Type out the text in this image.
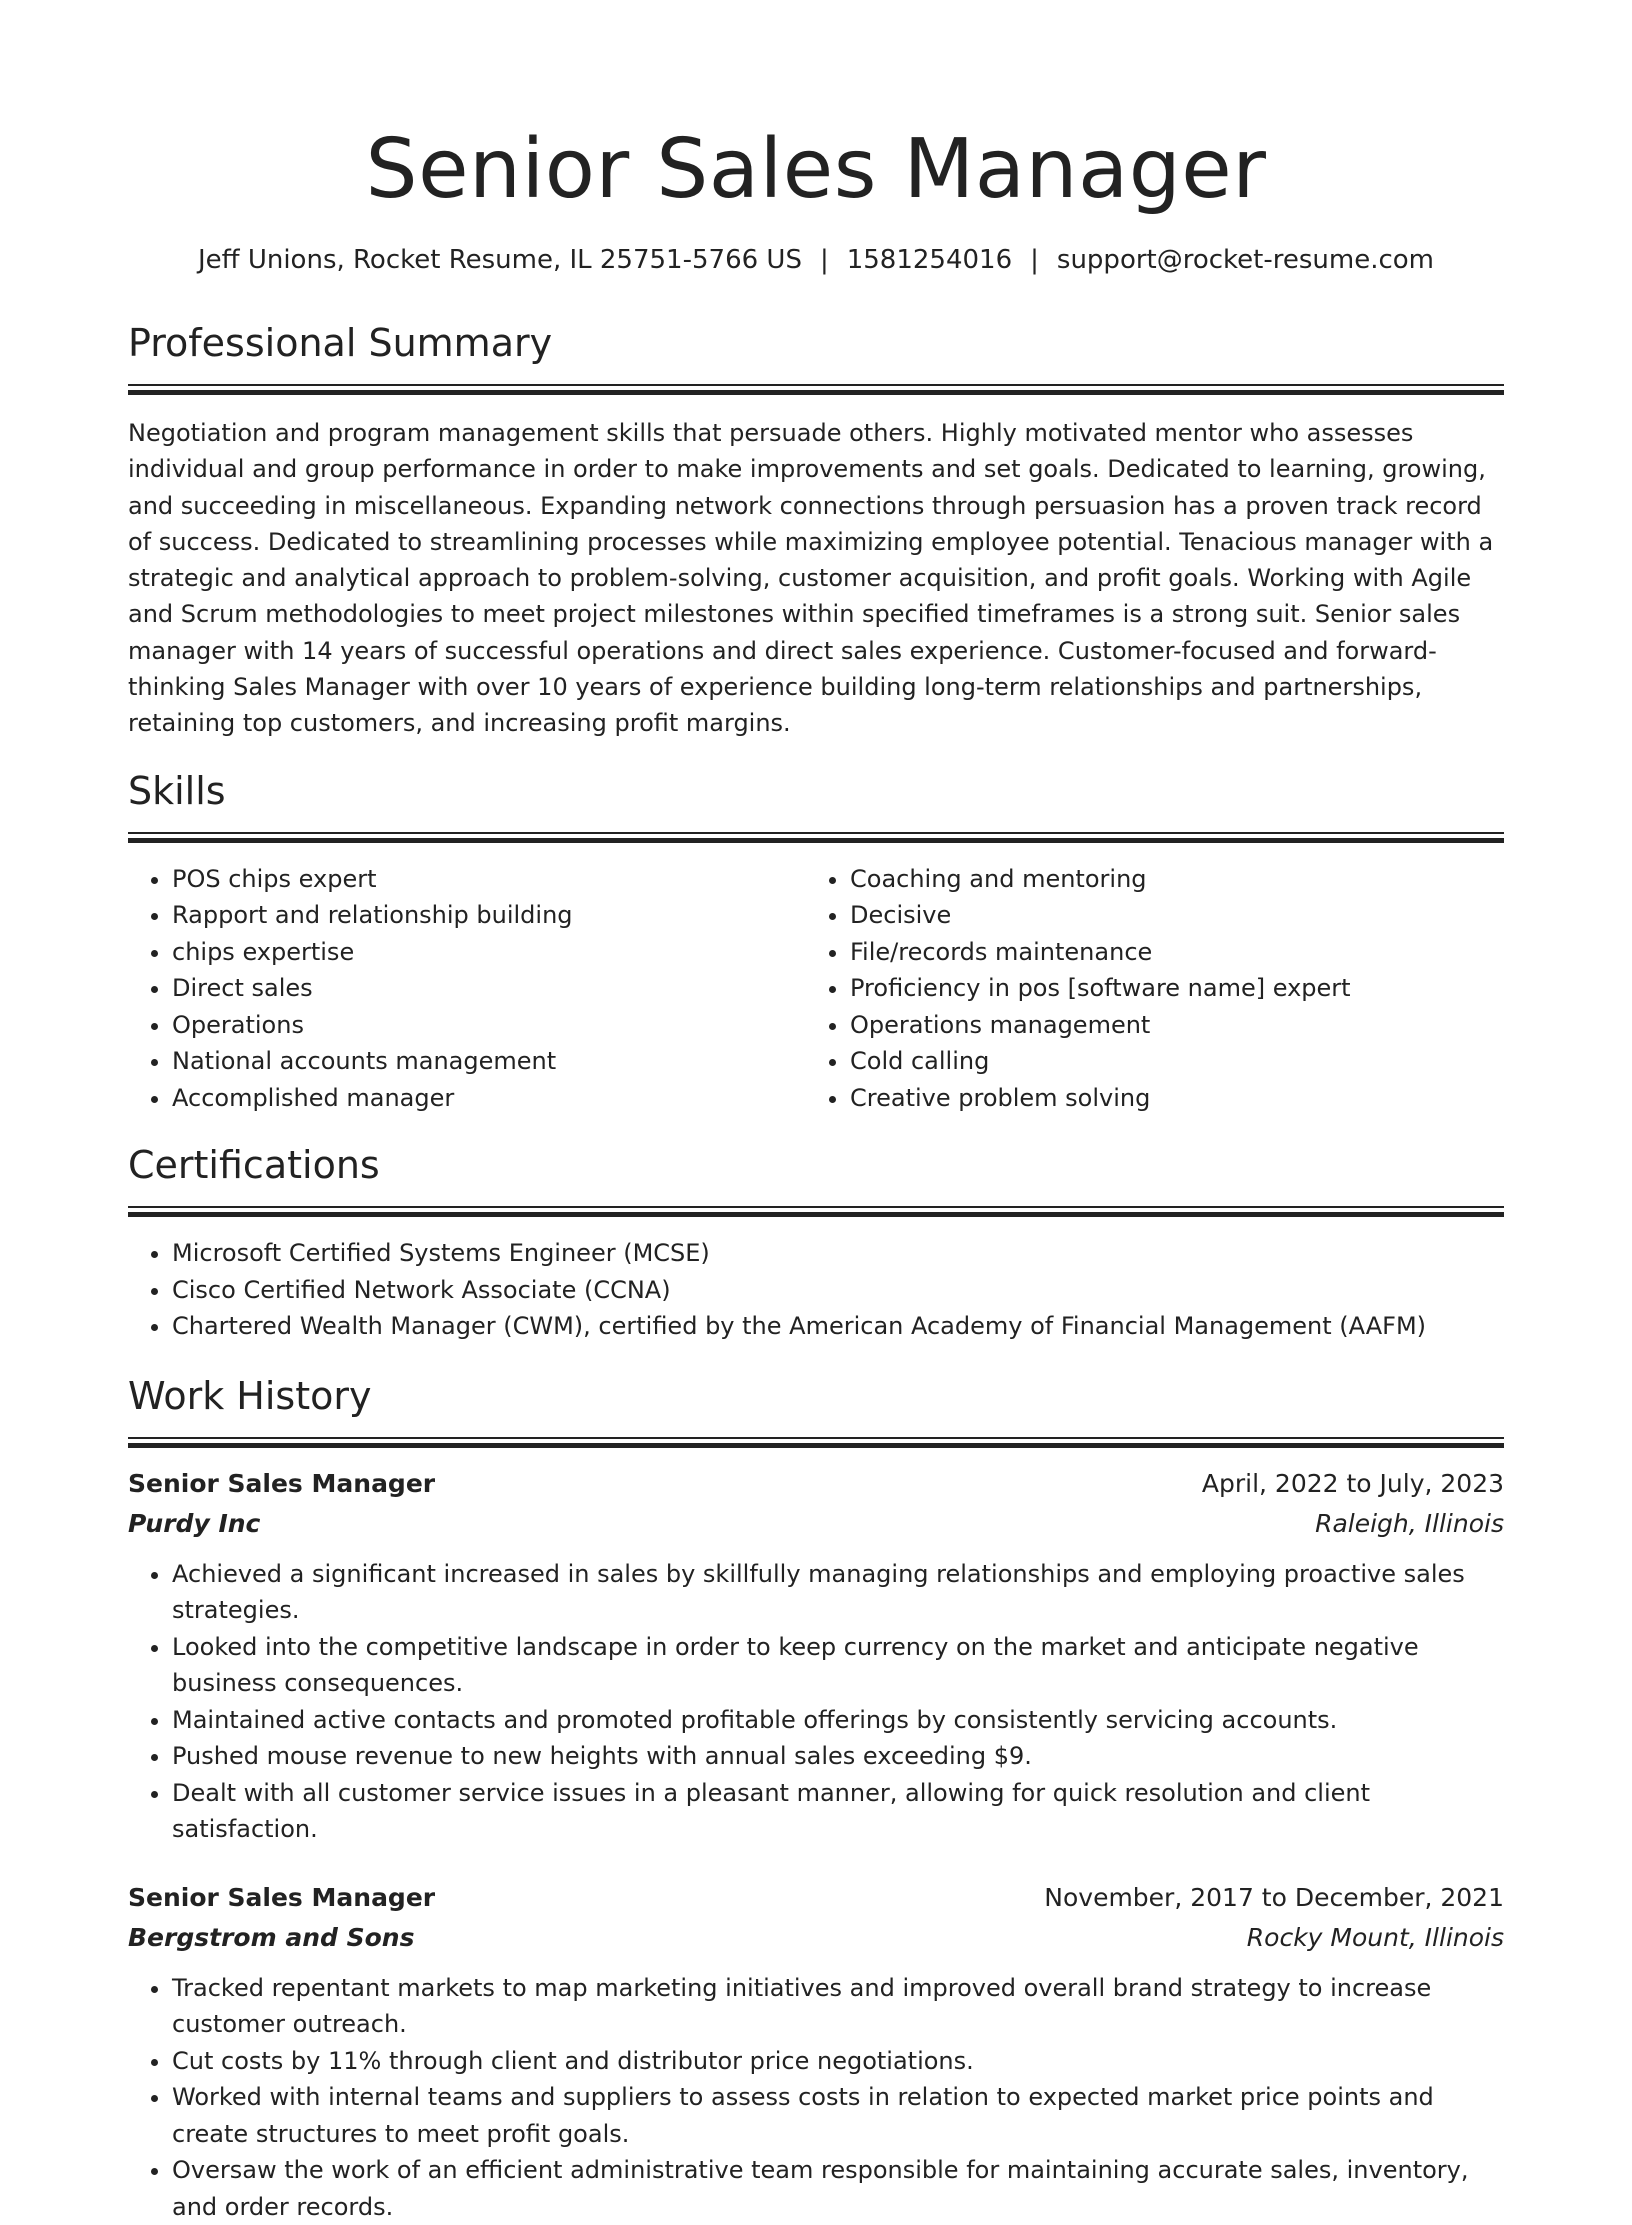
Senior Sales Manager
Jeff Unions, Rocket Resume, IL 25751-5766 US | 1581254016 | support@rocket-resume.com
Professional Summary
Negotiation and program management skills that persuade others. Highly motivated mentor who assesses individual and group performance in order to make improvements and set goals. Dedicated to learning, growing, and succeeding in miscellaneous. Expanding network connections through persuasion has a proven track record of success. Dedicated to streamlining processes while maximizing employee potential. Tenacious manager with a strategic and analytical approach to problem-solving, customer acquisition, and profit goals. Working with Agile and Scrum methodologies to meet project milestones within specified timeframes is a strong suit. Senior sales manager with 14 years of successful operations and direct sales experience. Customer-focused and forward-thinking Sales Manager with over 10 years of experience building long-term relationships and partnerships, retaining top customers, and increasing profit margins.
Skills
• POS chips expert
• Rapport and relationship building
• chips expertise
• Direct sales
• Operations
• National accounts management
• Accomplished manager
• Coaching and mentoring
• Decisive
• File/records maintenance
• Proficiency in pos [software name] expert
• Operations management
• Cold calling
• Creative problem solving
Certifications
• Microsoft Certified Systems Engineer (MCSE)
• Cisco Certified Network Associate (CCNA)
• Chartered Wealth Manager (CWM), certified by the American Academy of Financial Management (AAFM)
Work History
Senior Sales Manager	April, 2022 to July, 2023
Purdy Inc	Raleigh, Illinois
• Achieved a significant increased in sales by skillfully managing relationships and employing proactive sales strategies.
• Looked into the competitive landscape in order to keep currency on the market and anticipate negative business consequences.
• Maintained active contacts and promoted profitable offerings by consistently servicing accounts.
• Pushed mouse revenue to new heights with annual sales exceeding $9.
• Dealt with all customer service issues in a pleasant manner, allowing for quick resolution and client satisfaction.
Senior Sales Manager	November, 2017 to December, 2021
Bergstrom and Sons	Rocky Mount, Illinois
• Tracked repentant markets to map marketing initiatives and improved overall brand strategy to increase customer outreach.
• Cut costs by 11% through client and distributor price negotiations.
• Worked with internal teams and suppliers to assess costs in relation to expected market price points and create structures to meet profit goals.
• Oversaw the work of an efficient administrative team responsible for maintaining accurate sales, inventory, and order records.
